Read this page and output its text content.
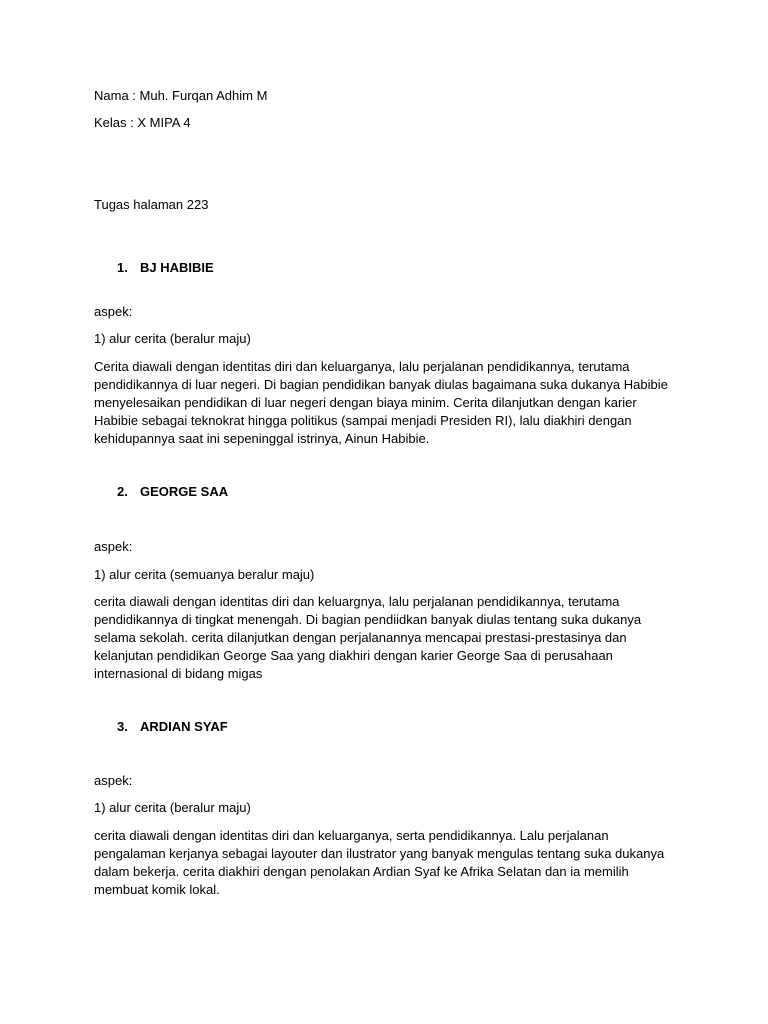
Nama : Muh. Furqan Adhim M
Kelas : X MIPA 4
Tugas halaman 223
1. BJ HABIBIE
aspek:
1) alur cerita (beralur maju)

Cerita diawali dengan identitas diri dan keluarganya, lalu perjalanan pendidikannya, terutama

pendidikannya di luar negeri. Di bagian pendidikan banyak diulas bagaimana suka dukanya Habibie

menyelesaikan pendidikan di luar negeri dengan biaya minim. Cerita dilanjutkan dengan karier

Habibie sebagai teknokrat hingga politikus (sampai menjadi Presiden RI), lalu diakhiri dengan

kehidupannya saat ini sepeninggal istrinya, Ainun Habibie.

2. GEORGE SAA
aspek:
1) alur cerita (semuanya beralur maju)

cerita diawali dengan identitas diri dan keluargnya, lalu perjalanan pendidikannya, terutama

pendidikannya di tingkat menengah. Di bagian pendiidkan banyak diulas tentang suka dukanya

selama sekolah. cerita dilanjutkan dengan perjalanannya mencapai prestasi-prestasinya dan

kelanjutan pendidikan George Saa yang diakhiri dengan karier George Saa di perusahaan

internasional di bidang migas

3. ARDIAN SYAF
aspek:
1) alur cerita (beralur maju)

cerita diawali dengan identitas diri dan keluarganya, serta pendidikannya. Lalu perjalanan

pengalaman kerjanya sebagai layouter dan ilustrator yang banyak mengulas tentang suka dukanya

dalam bekerja. cerita diakhiri dengan penolakan Ardian Syaf ke Afrika Selatan dan ia memilih

membuat komik lokal.
